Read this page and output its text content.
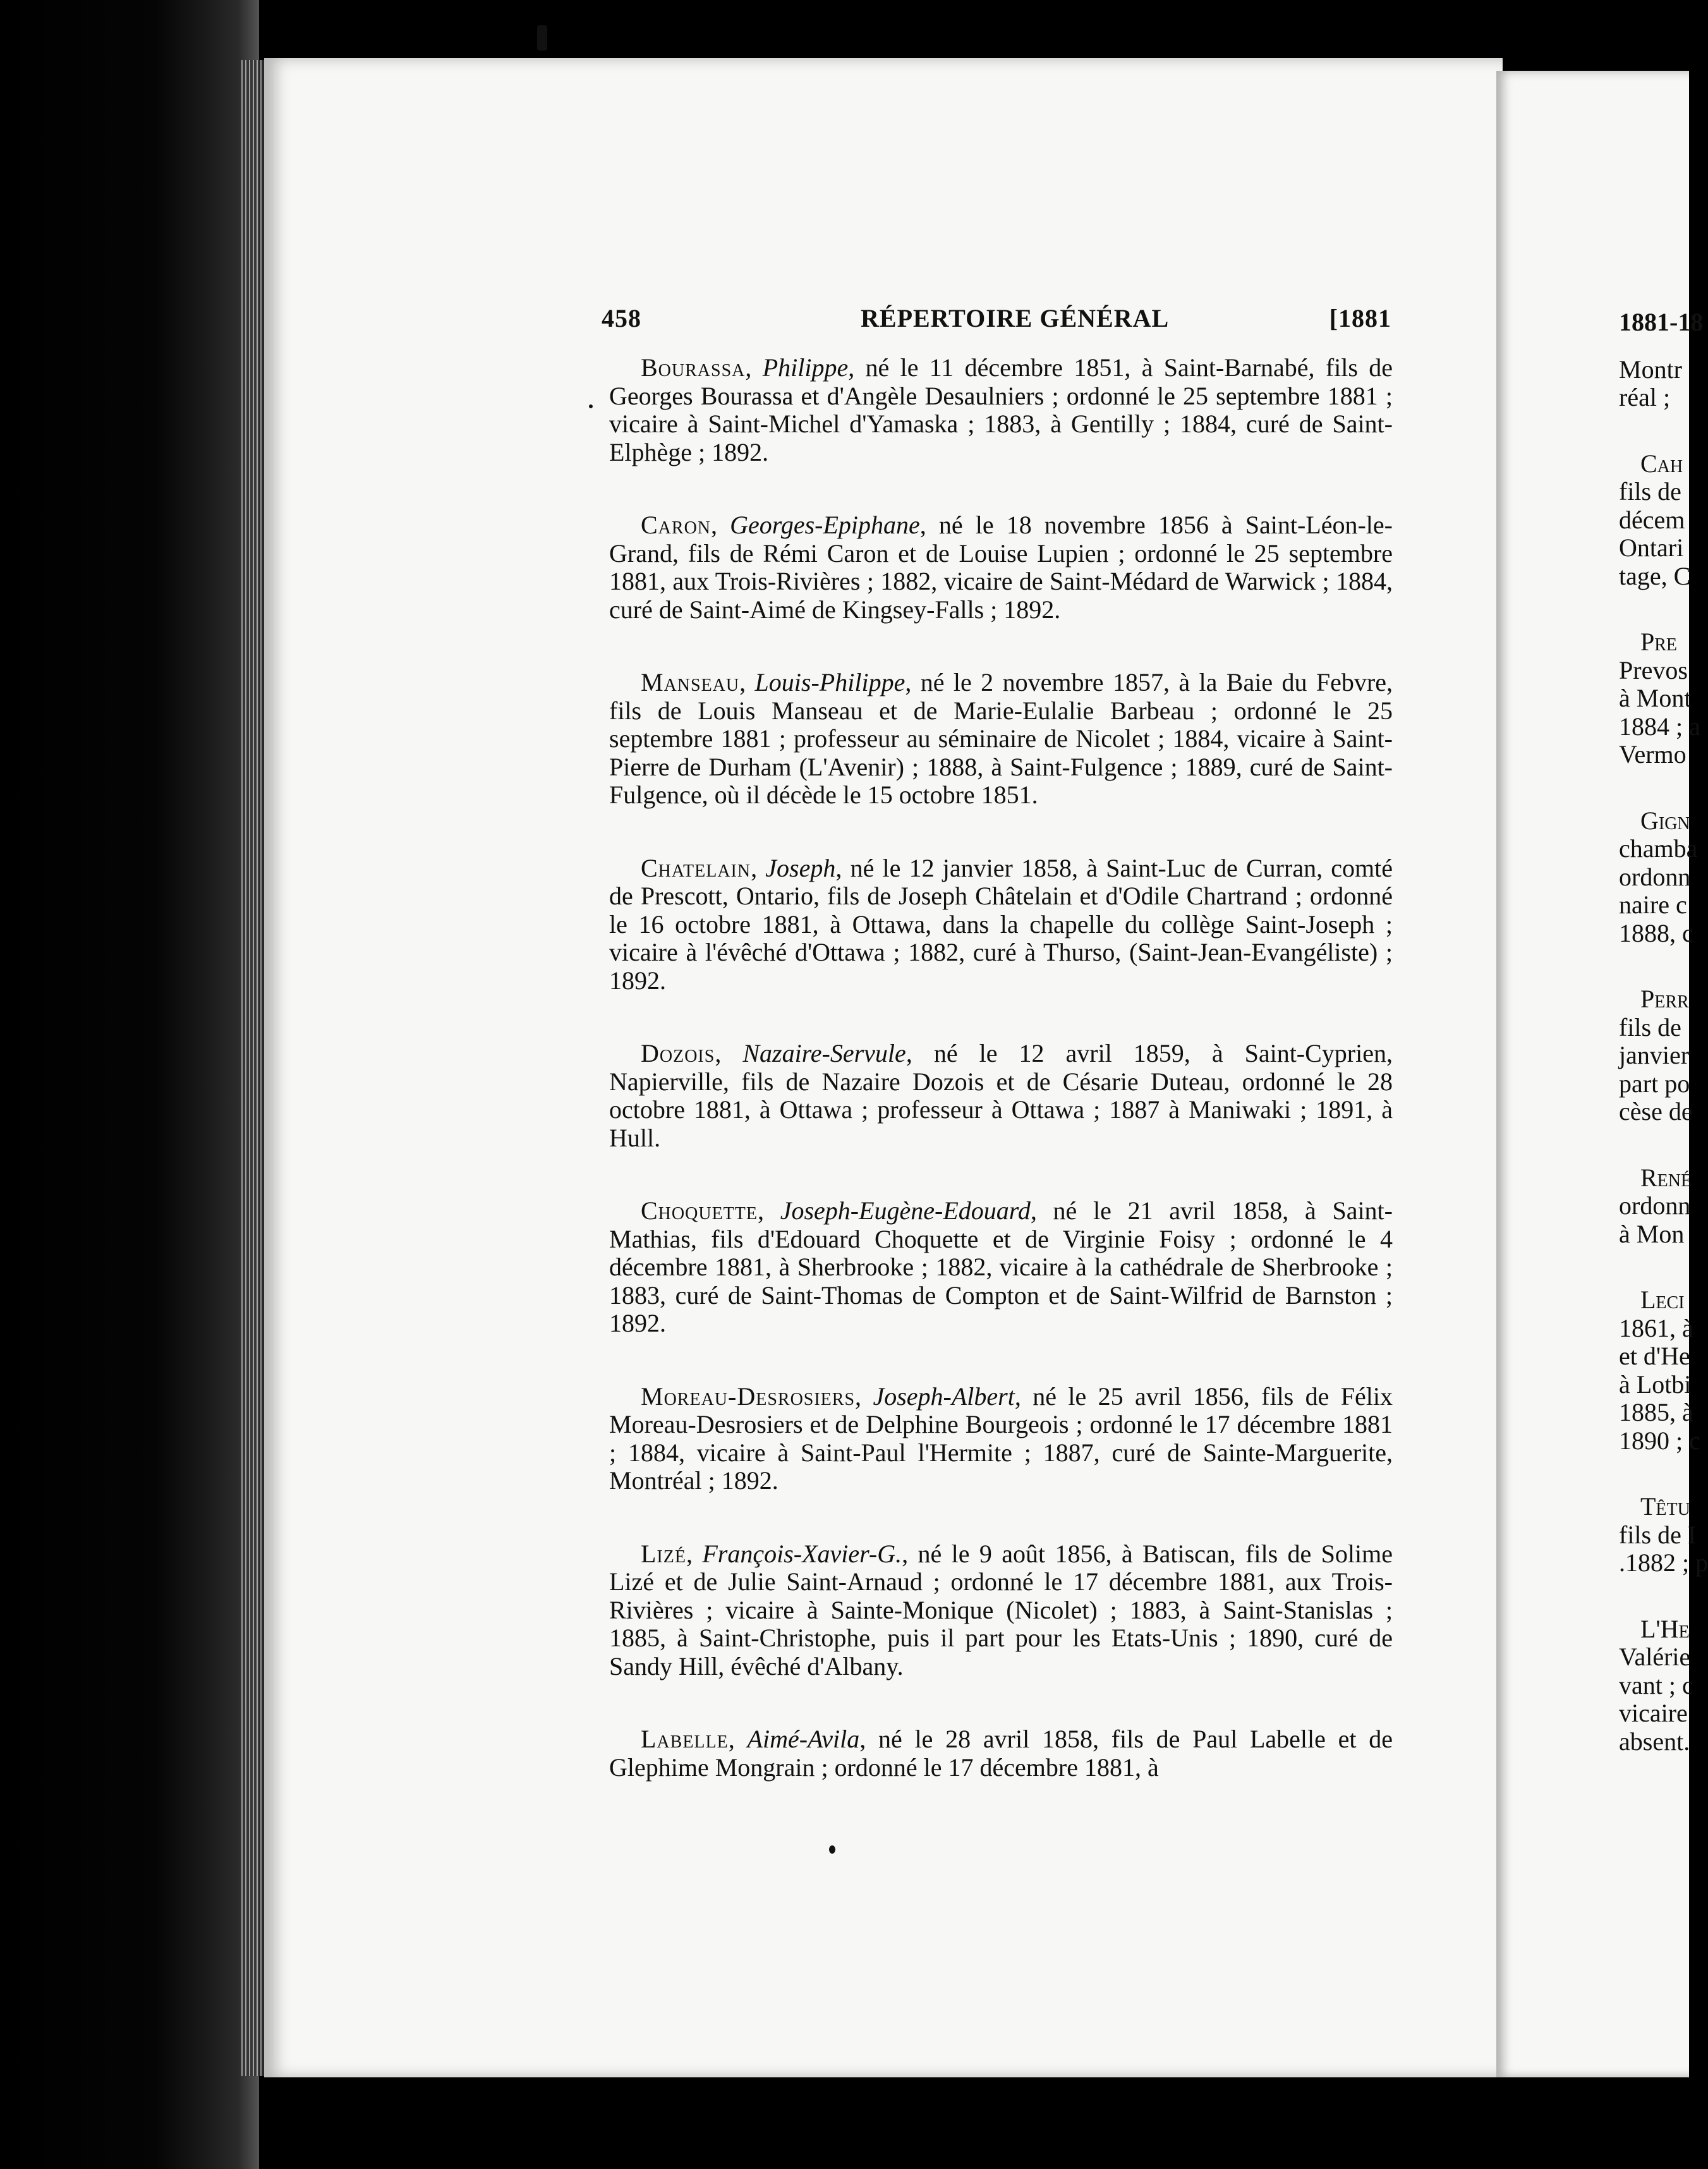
458	RÉPERTOIRE GÉNÉRAL	[1881

Bourassa, Philippe, né le 11 décembre 1851, à Saint-Barnabé, fils de Georges Bourassa et d'Angèle Desaulniers ; ordonné le 25 septembre 1881 ; vicaire à Saint-Michel d'Yamaska ; 1883, à Gentilly ; 1884, curé de Saint-Elphège ; 1892.

Caron, Georges-Epiphane, né le 18 novembre 1856 à Saint-Léon-le-Grand, fils de Rémi Caron et de Louise Lupien ; ordonné le 25 septembre 1881, aux Trois-Rivières ; 1882, vicaire de Saint-Médard de Warwick ; 1884, curé de Saint-Aimé de Kingsey-Falls ; 1892.

Manseau, Louis-Philippe, né le 2 novembre 1857, à la Baie du Febvre, fils de Louis Manseau et de Marie-Eulalie Barbeau ; ordonné le 25 septembre 1881 ; professeur au séminaire de Nicolet ; 1884, vicaire à Saint-Pierre de Durham (L'Avenir) ; 1888, à Saint-Fulgence ; 1889, curé de Saint-Fulgence, où il décède le 15 octobre 1851.

Chatelain, Joseph, né le 12 janvier 1858, à Saint-Luc de Curran, comté de Prescott, Ontario, fils de Joseph Châtelain et d'Odile Chartrand ; ordonné le 16 octobre 1881, à Ottawa, dans la chapelle du collège Saint-Joseph ; vicaire à l'évêché d'Ottawa ; 1882, curé à Thurso, (Saint-Jean-Evangéliste) ; 1892.

Dozois, Nazaire-Servule, né le 12 avril 1859, à Saint-Cyprien, Napierville, fils de Nazaire Dozois et de Césarie Duteau, ordonné le 28 octobre 1881, à Ottawa ; professeur à Ottawa ; 1887 à Maniwaki ; 1891, à Hull.

Choquette, Joseph-Eugène-Edouard, né le 21 avril 1858, à Saint-Mathias, fils d'Edouard Choquette et de Virginie Foisy ; ordonné le 4 décembre 1881, à Sherbrooke ; 1882, vicaire à la cathédrale de Sherbrooke ; 1883, curé de Saint-Thomas de Compton et de Saint-Wilfrid de Barnston ; 1892.

Moreau-Desrosiers, Joseph-Albert, né le 25 avril 1856, fils de Félix Moreau-Desrosiers et de Delphine Bourgeois ; ordonné le 17 décembre 1881 ; 1884, vicaire à Saint-Paul l'Hermite ; 1887, curé de Sainte-Marguerite, Montréal ; 1892.

Lizé, François-Xavier-G., né le 9 août 1856, à Batiscan, fils de Solime Lizé et de Julie Saint-Arnaud ; ordonné le 17 décembre 1881, aux Trois-Rivières ; vicaire à Sainte-Monique (Nicolet) ; 1883, à Saint-Stanislas ; 1885, à Saint-Christophe, puis il part pour les Etats-Unis ; 1890, curé de Sandy Hill, évêché d'Albany.

Labelle, Aimé-Avila, né le 28 avril 1858, fils de Paul Labelle et de Glephime Mongrain ; ordonné le 17 décembre 1881, à

1881-18
Montr
réal ;
Cah
fils de
décem
Ontari
tage, C
Pre
Prevos
à Mont
1884 ; a
Vermo
Gign
chamba
ordonn
naire c
1888, c
Perr
fils de
janvier
part po
cèse de
René
ordonn
à Mon
Leci
1861, à
et d'He
à Lotbi
1885, à
1890 ; c
Têtu
fils de I
.1882 ; p
L'He
Valérie
vant ; c
vicaire
absent.
